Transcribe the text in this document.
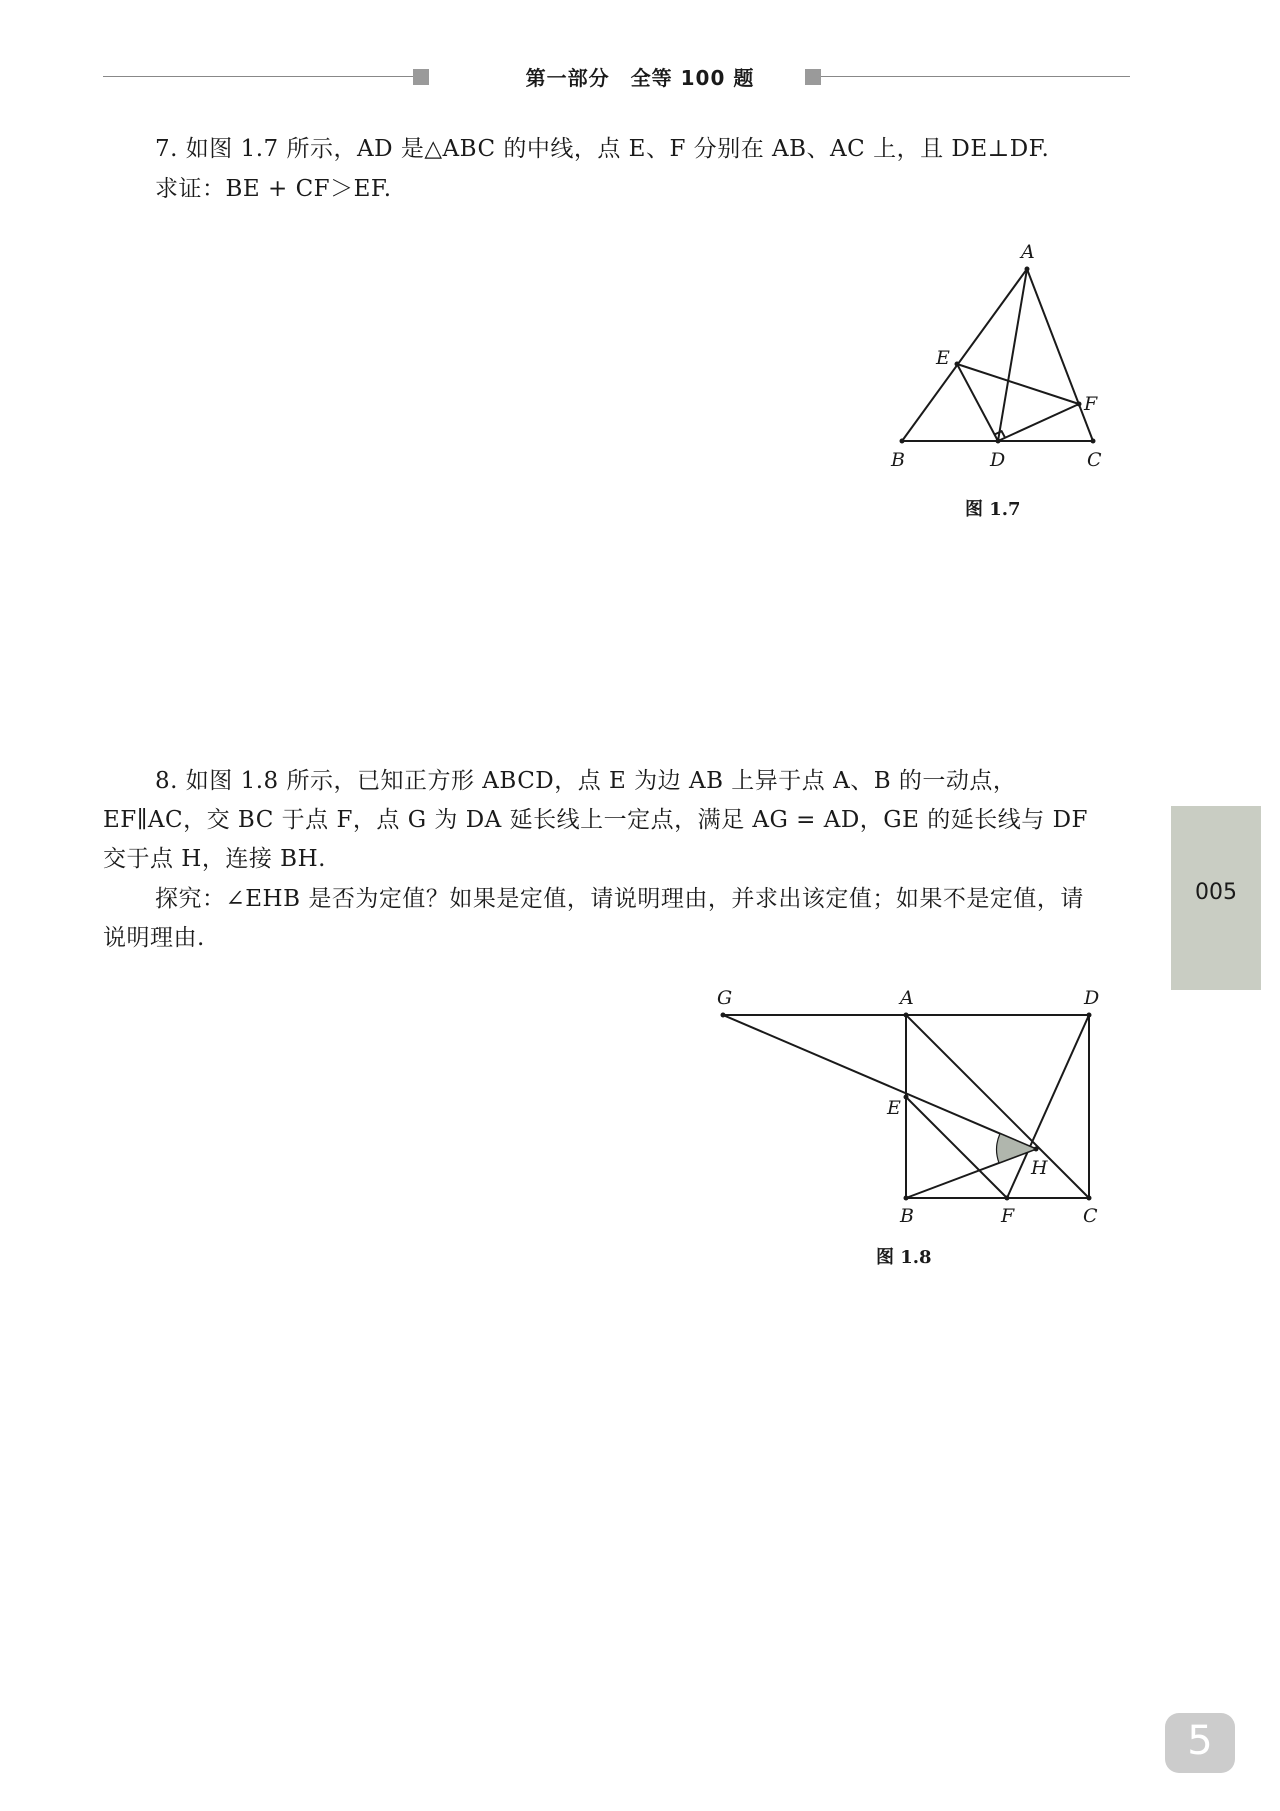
第一部分　全等 100 题

7. 如图 1.7 所示，AD 是△ABC 的中线，点 E、F 分别在 AB、AC 上，且 DE⊥DF.

求证：BE + CF＞EF.

A
B	C
D
E
F
图 1.7

8. 如图 1.8 所示，已知正方形 ABCD，点 E 为边 AB 上异于点 A、B 的一动点，

EF∥AC，交 BC 于点 F，点 G 为 DA 延长线上一定点，满足 AG = AD，GE 的延长线与 DF

交于点 H，连接 BH.

探究：∠EHB 是否为定值？如果是定值，请说明理由，并求出该定值；如果不是定值，请

说明理由.

G	A	D
E
H
B	F	C
图 1.8
005
5
